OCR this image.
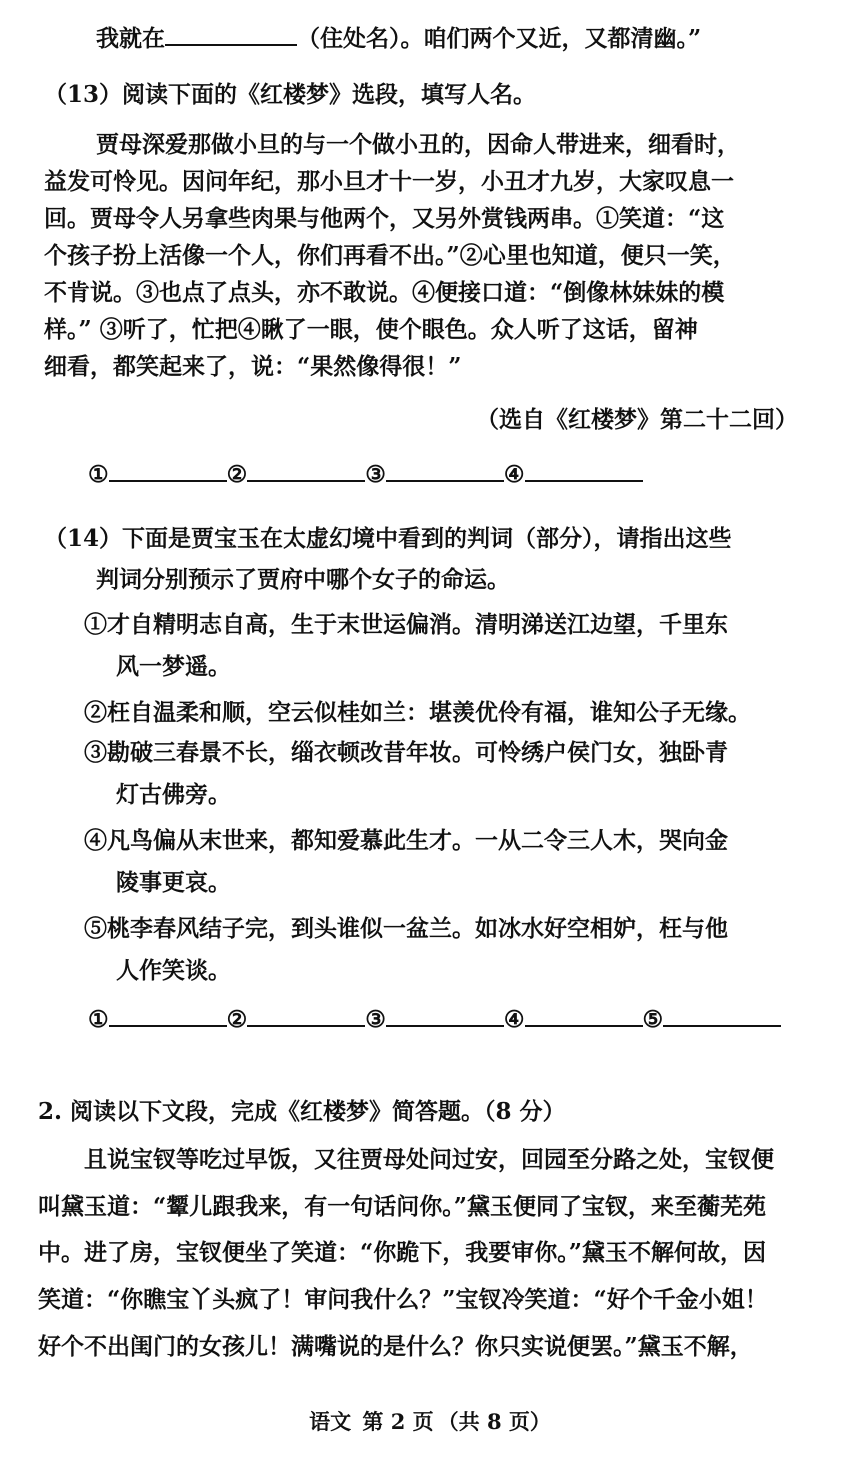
我就在	（住处名）。咱们两个又近，又都清幽。”
（13）阅读下面的《红楼梦》选段，填写人名。
贾母深爱那做小旦的与一个做小丑的，因命人带进来，细看时，
益发可怜见。因问年纪，那小旦才十一岁，小丑才九岁，大家叹息一
回。贾母令人另拿些肉果与他两个，又另外赏钱两串。①笑道：“这
个孩子扮上活像一个人，你们再看不出。”②心里也知道，便只一笑，
不肯说。③也点了点头，亦不敢说。④便接口道：“倒像林妹妹的模
样。” ③听了，忙把④瞅了一眼，使个眼色。众人听了这话，留神
细看，都笑起来了，说：“果然像得很！”
（选自《红楼梦》第二十二回）
①	②	③	④
（14）下面是贾宝玉在太虚幻境中看到的判词（部分），请指出这些
判词分别预示了贾府中哪个女子的命运。
①才自精明志自高，生于末世运偏消。清明涕送江边望，千里东
风一梦遥。
②枉自温柔和顺，空云似桂如兰：堪羡优伶有福，谁知公子无缘。
③勘破三春景不长，缁衣顿改昔年妆。可怜绣户侯门女，独卧青
灯古佛旁。
④凡鸟偏从末世来，都知爱慕此生才。一从二令三人木，哭向金
陵事更哀。
⑤桃李春风结子完，到头谁似一盆兰。如冰水好空相妒，枉与他
人作笑谈。
①	②	③	④	⑤
2. 阅读以下文段，完成《红楼梦》简答题。（8 分）
且说宝钗等吃过早饭，又往贾母处问过安，回园至分路之处，宝钗便
叫黛玉道：“颦儿跟我来，有一句话问你。”黛玉便同了宝钗，来至蘅芜苑
中。进了房，宝钗便坐了笑道：“你跪下，我要审你。”黛玉不解何故，因
笑道：“你瞧宝丫头疯了！审问我什么？”宝钗冷笑道：“好个千金小姐！
好个不出闺门的女孩儿！满嘴说的是什么？你只实说便罢。”黛玉不解，
语文 第 2 页 （共 8 页）
